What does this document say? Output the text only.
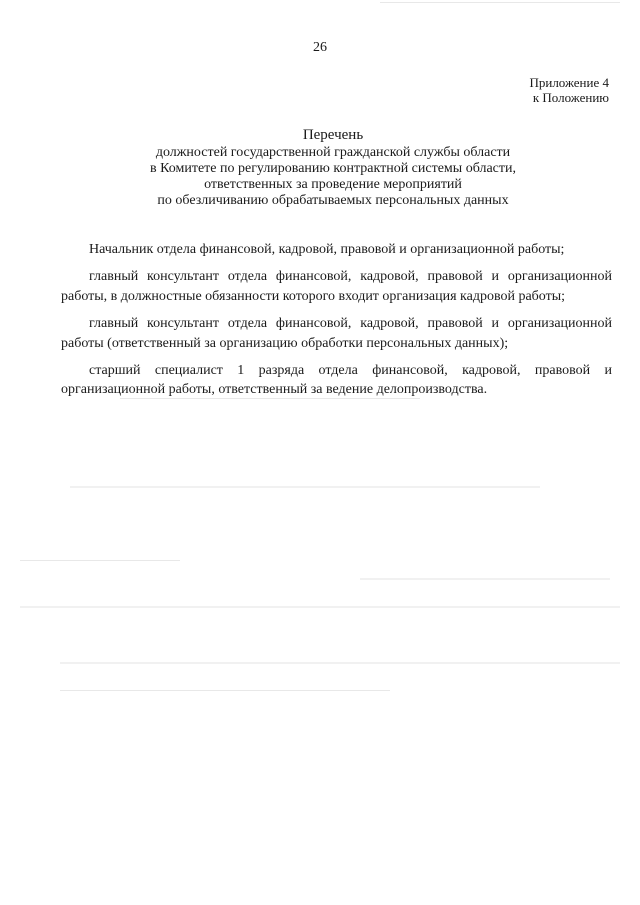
26
Приложение 4
к Положению
Перечень
должностей государственной гражданской службы области
в Комитете по регулированию контрактной системы области,
ответственных за проведение мероприятий
по обезличиванию обрабатываемых персональных данных

Начальник отдела финансовой, кадровой, правовой и организационной работы;

главный консультант отдела финансовой, кадровой, правовой и организационной работы, в должностные обязанности которого входит организация кадровой работы;

главный консультант отдела финансовой, кадровой, правовой и организационной работы (ответственный за организацию обработки персональных данных);

старший специалист 1 разряда отдела финансовой, кадровой, правовой и организационной работы, ответственный за ведение делопроизводства.
